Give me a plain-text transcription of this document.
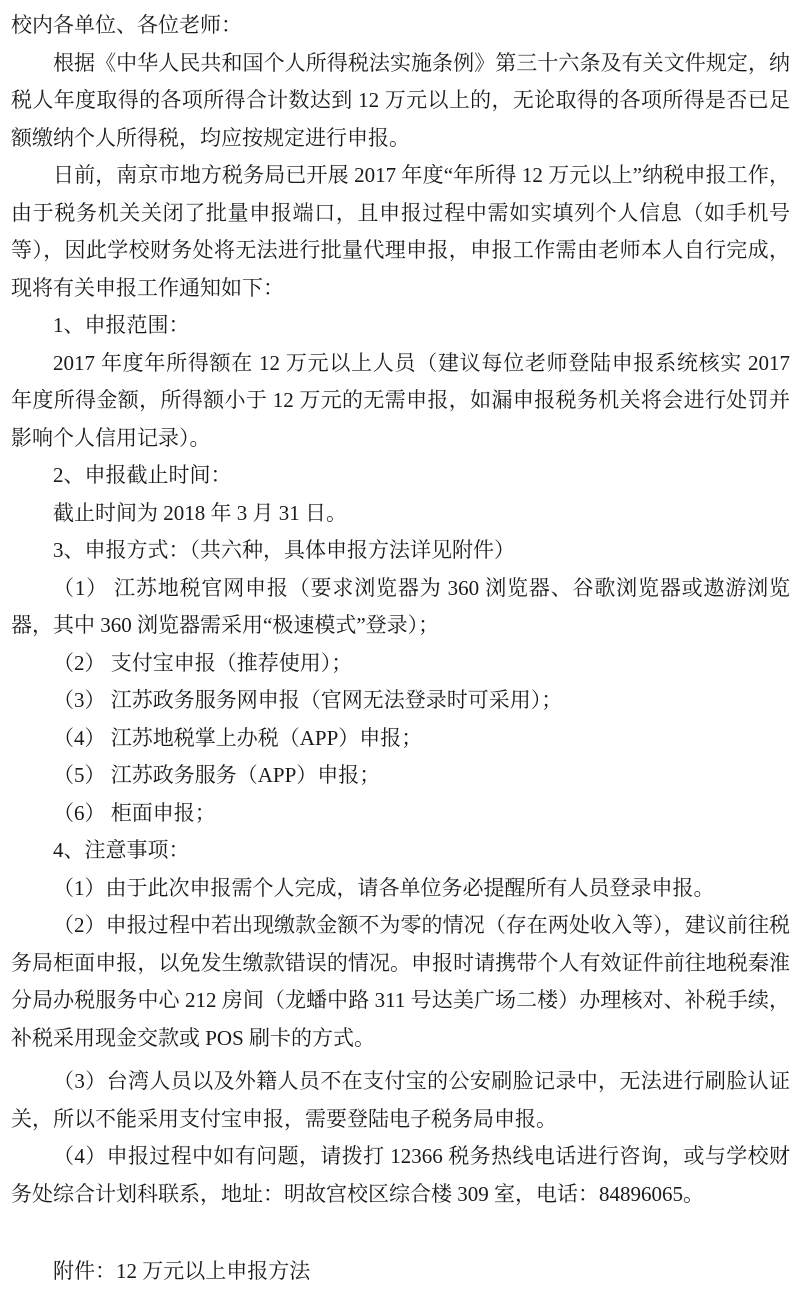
校内各单位、各位老师：

根据《中华人民共和国个人所得税法实施条例》第三十六条及有关文件规定，纳税人年度取得的各项所得合计数达到 12 万元以上的，无论取得的各项所得是否已足额缴纳个人所得税，均应按规定进行申报。

日前，南京市地方税务局已开展 2017 年度“年所得 12 万元以上”纳税申报工作，由于税务机关关闭了批量申报端口，且申报过程中需如实填列个人信息（如手机号等），因此学校财务处将无法进行批量代理申报，申报工作需由老师本人自行完成，现将有关申报工作通知如下：

1、申报范围：

2017 年度年所得额在 12 万元以上人员（建议每位老师登陆申报系统核实 2017 年度所得金额，所得额小于 12 万元的无需申报，如漏申报税务机关将会进行处罚并影响个人信用记录）。

2、申报截止时间：

截止时间为 2018 年 3 月 31 日。

3、申报方式：（共六种，具体申报方法详见附件）

（1） 江苏地税官网申报（要求浏览器为 360 浏览器、谷歌浏览器或遨游浏览器，其中 360 浏览器需采用“极速模式”登录）；

（2） 支付宝申报（推荐使用）；

（3） 江苏政务服务网申报（官网无法登录时可采用）；

（4） 江苏地税掌上办税（APP）申报；

（5） 江苏政务服务（APP）申报；

（6） 柜面申报；

4、注意事项：

（1）由于此次申报需个人完成，请各单位务必提醒所有人员登录申报。

（2）申报过程中若出现缴款金额不为零的情况（存在两处收入等），建议前往税务局柜面申报，以免发生缴款错误的情况。申报时请携带个人有效证件前往地税秦淮分局办税服务中心 212 房间（龙蟠中路 311 号达美广场二楼）办理核对、补税手续，补税采用现金交款或 POS 刷卡的方式。

（3）台湾人员以及外籍人员不在支付宝的公安刷脸记录中，无法进行刷脸认证关，所以不能采用支付宝申报，需要登陆电子税务局申报。

（4）申报过程中如有问题，请拨打 12366 税务热线电话进行咨询，或与学校财务处综合计划科联系，地址：明故宫校区综合楼 309 室，电话：84896065。

附件：12 万元以上申报方法
